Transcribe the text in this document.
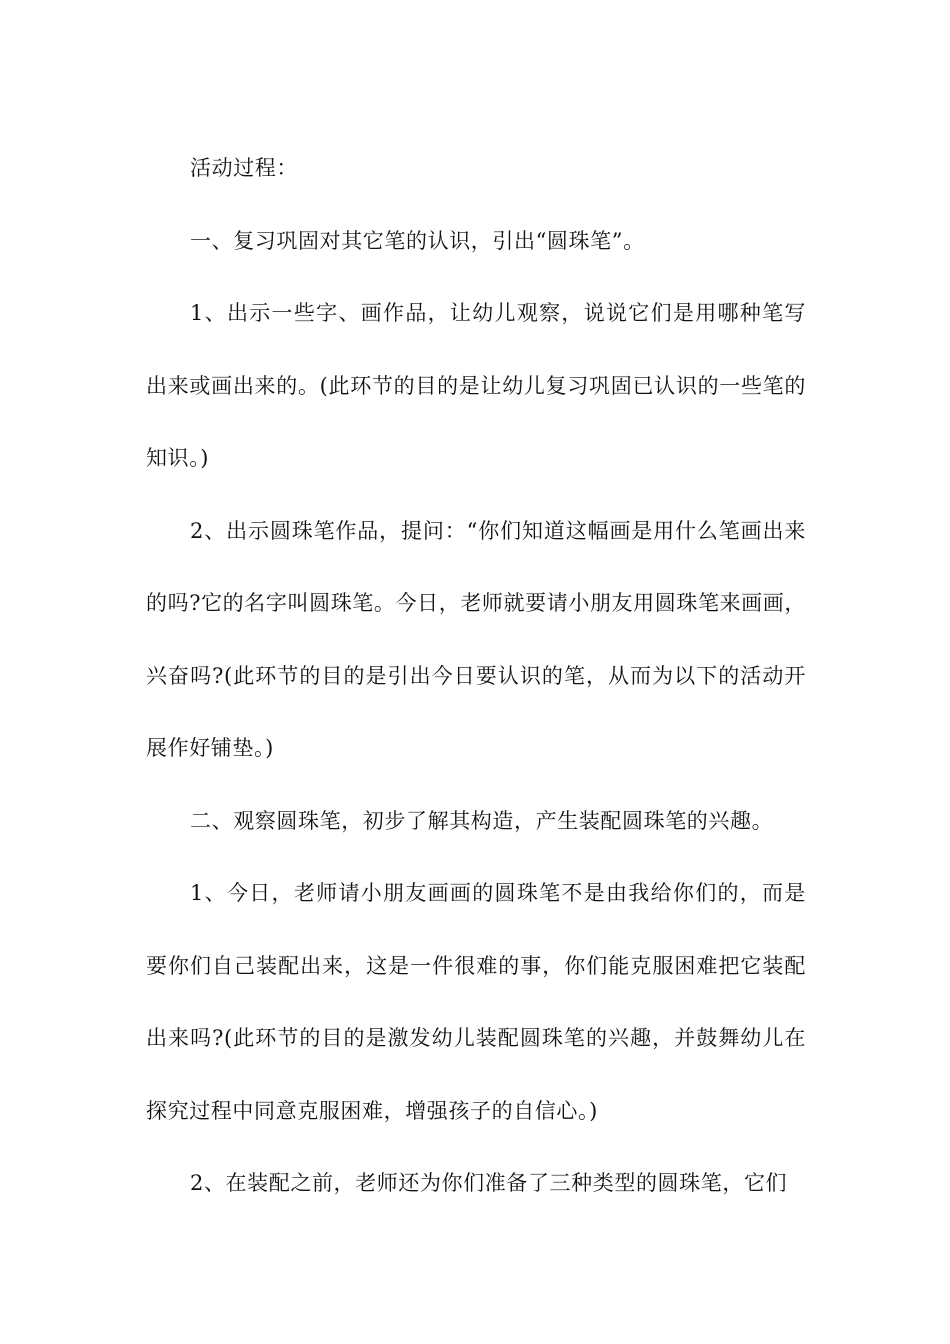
活动过程：

一、复习巩固对其它笔的认识，引出“圆珠笔”。

1、出示一些字、画作品，让幼儿观察，说说它们是用哪种笔写出来或画出来的。(此环节的目的是让幼儿复习巩固已认识的一些笔的知识。)

2、出示圆珠笔作品，提问：“你们知道这幅画是用什么笔画出来的吗?它的名字叫圆珠笔。今日，老师就要请小朋友用圆珠笔来画画，兴奋吗?(此环节的目的是引出今日要认识的笔，从而为以下的活动开展作好铺垫。)

二、观察圆珠笔，初步了解其构造，产生装配圆珠笔的兴趣。

1、今日，老师请小朋友画画的圆珠笔不是由我给你们的，而是要你们自己装配出来，这是一件很难的事，你们能克服困难把它装配出来吗?(此环节的目的是激发幼儿装配圆珠笔的兴趣，并鼓舞幼儿在探究过程中同意克服困难，增强孩子的自信心。)

2、在装配之前，老师还为你们准备了三种类型的圆珠笔，它们
